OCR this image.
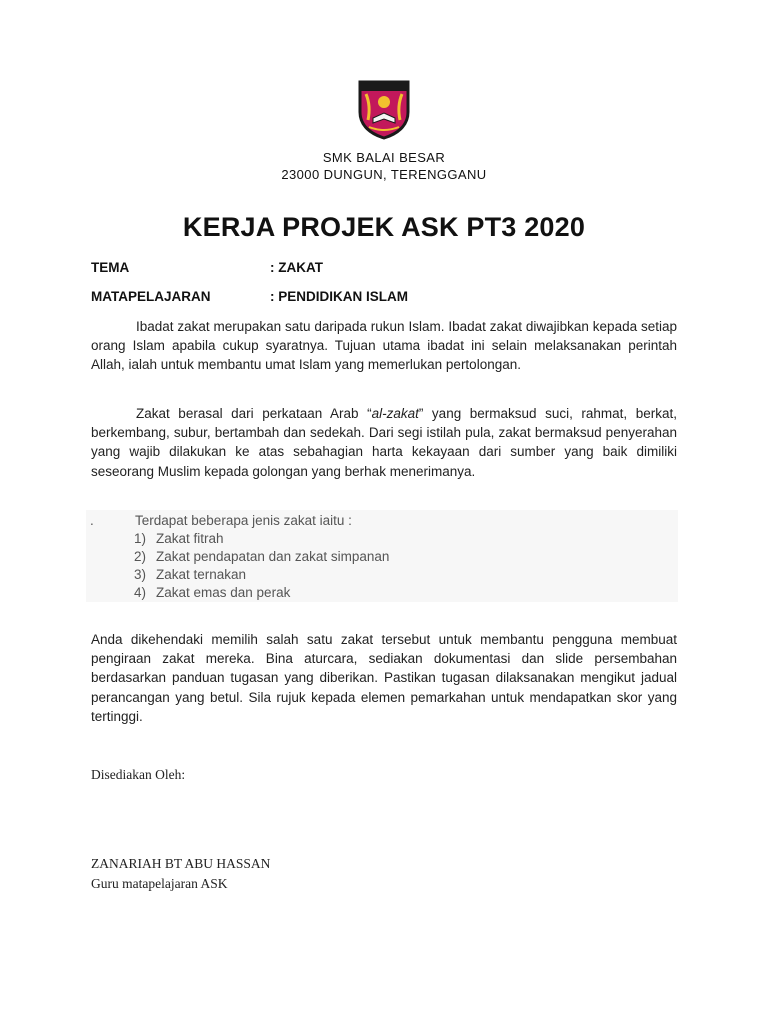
SMK BALAI BESAR
23000 DUNGUN, TERENGGANU
KERJA PROJEK ASK PT3 2020
TEMA	: ZAKAT
MATAPELAJARAN	: PENDIDIKAN ISLAM
Ibadat zakat merupakan satu daripada rukun Islam. Ibadat zakat diwajibkan kepada setiap orang Islam apabila cukup syaratnya. Tujuan utama ibadat ini selain melaksanakan perintah Allah, ialah untuk membantu umat Islam yang memerlukan pertolongan.
Zakat berasal dari perkataan Arab “al-zakat” yang bermaksud suci, rahmat, berkat, berkembang, subur, bertambah dan sedekah. Dari segi istilah pula, zakat bermaksud penyerahan yang wajib dilakukan ke atas sebahagian harta kekayaan dari sumber yang baik dimiliki seseorang Muslim kepada golongan yang berhak menerimanya.
.	Terdapat beberapa jenis zakat iaitu :
1) Zakat fitrah
2) Zakat pendapatan dan zakat simpanan
3) Zakat ternakan
4) Zakat emas dan perak
Anda dikehendaki memilih salah satu zakat tersebut untuk membantu pengguna membuat pengiraan zakat mereka. Bina aturcara, sediakan dokumentasi dan slide persembahan berdasarkan panduan tugasan yang diberikan. Pastikan tugasan dilaksanakan mengikut jadual perancangan yang betul. Sila rujuk kepada elemen pemarkahan untuk mendapatkan skor yang tertinggi.
Disediakan Oleh:
ZANARIAH BT ABU HASSAN
Guru matapelajaran ASK
